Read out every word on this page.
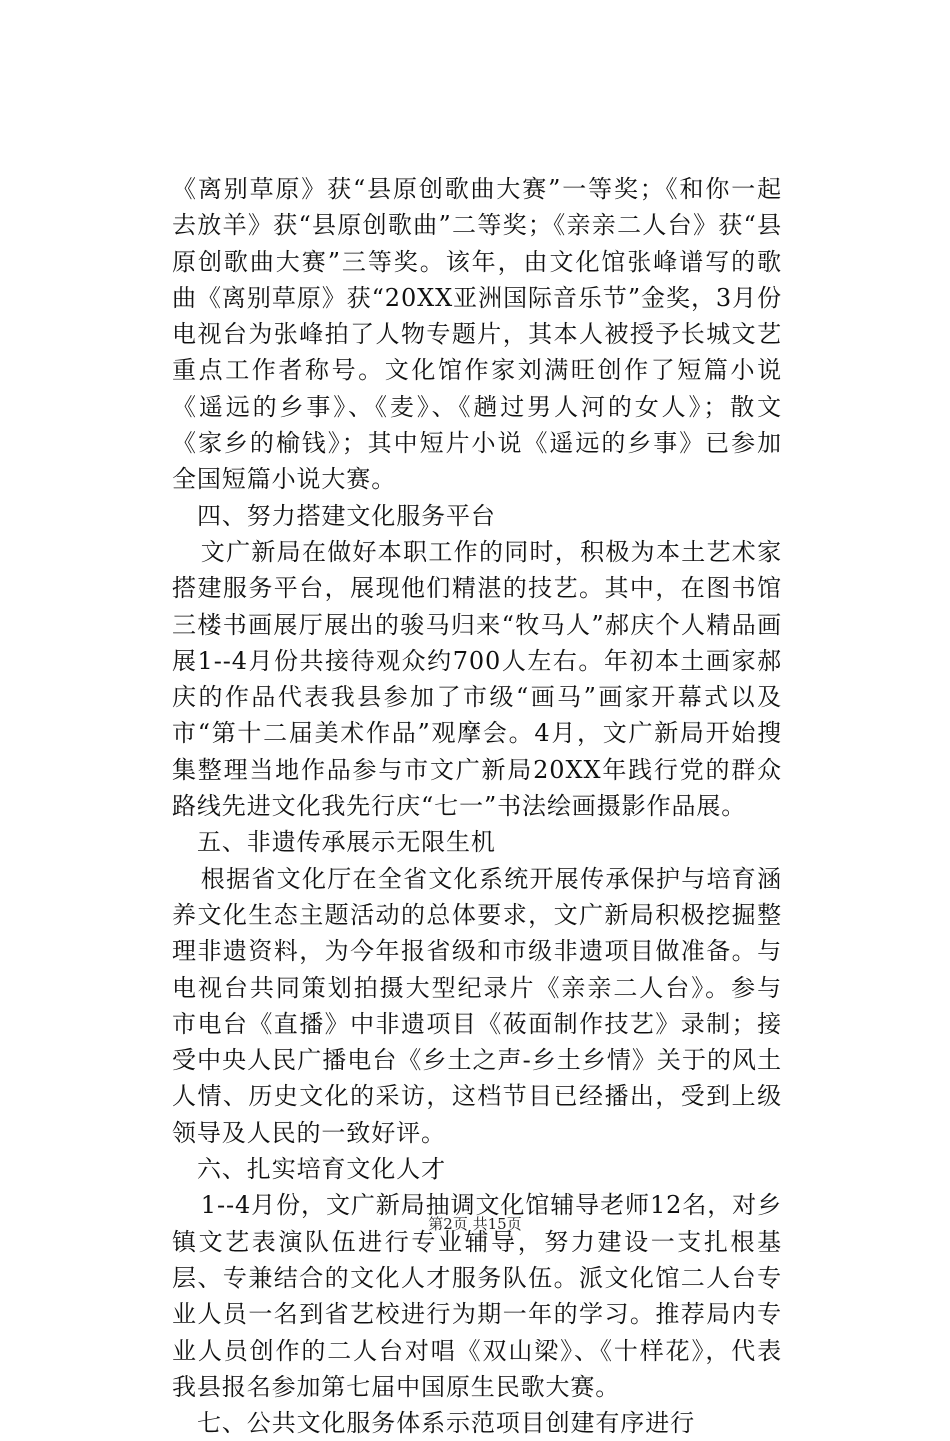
《离别草原》获“县原创歌曲大赛”一等奖；《和你一起去放羊》获“县原创歌曲”二等奖；《亲亲二人台》获“县原创歌曲大赛”三等奖。该年，由文化馆张峰谱写的歌曲《离别草原》获“20XX亚洲国际音乐节”金奖，3月份电视台为张峰拍了人物专题片，其本人被授予长城文艺重点工作者称号。文化馆作家刘满旺创作了短篇小说《遥远的乡事》、《麦》、《趟过男人河的女人》；散文《家乡的榆钱》；其中短片小说《遥远的乡事》已参加全国短篇小说大赛。

四、努力搭建文化服务平台

文广新局在做好本职工作的同时，积极为本土艺术家搭建服务平台，展现他们精湛的技艺。其中，在图书馆三楼书画展厅展出的骏马归来“牧马人”郝庆个人精品画展1--4月份共接待观众约700人左右。年初本土画家郝庆的作品代表我县参加了市级“画马”画家开幕式以及市“第十二届美术作品”观摩会。4月，文广新局开始搜集整理当地作品参与市文广新局20XX年践行党的群众路线先进文化我先行庆“七一”书法绘画摄影作品展。

五、非遗传承展示无限生机

根据省文化厅在全省文化系统开展传承保护与培育涵养文化生态主题活动的总体要求，文广新局积极挖掘整理非遗资料，为今年报省级和市级非遗项目做准备。与电视台共同策划拍摄大型纪录片《亲亲二人台》。参与市电台《直播》中非遗项目《莜面制作技艺》录制；接受中央人民广播电台《乡土之声-乡土乡情》关于的风土人情、历史文化的采访，这档节目已经播出，受到上级领导及人民的一致好评。

六、扎实培育文化人才

1--4月份，文广新局抽调文化馆辅导老师12名，对乡镇文艺表演队伍进行专业辅导，努力建设一支扎根基层、专兼结合的文化人才服务队伍。派文化馆二人台专业人员一名到省艺校进行为期一年的学习。推荐局内专业人员创作的二人台对唱《双山梁》、《十样花》，代表我县报名参加第七届中国原生民歌大赛。

七、公共文化服务体系示范项目创建有序进行

第2页 共15页
